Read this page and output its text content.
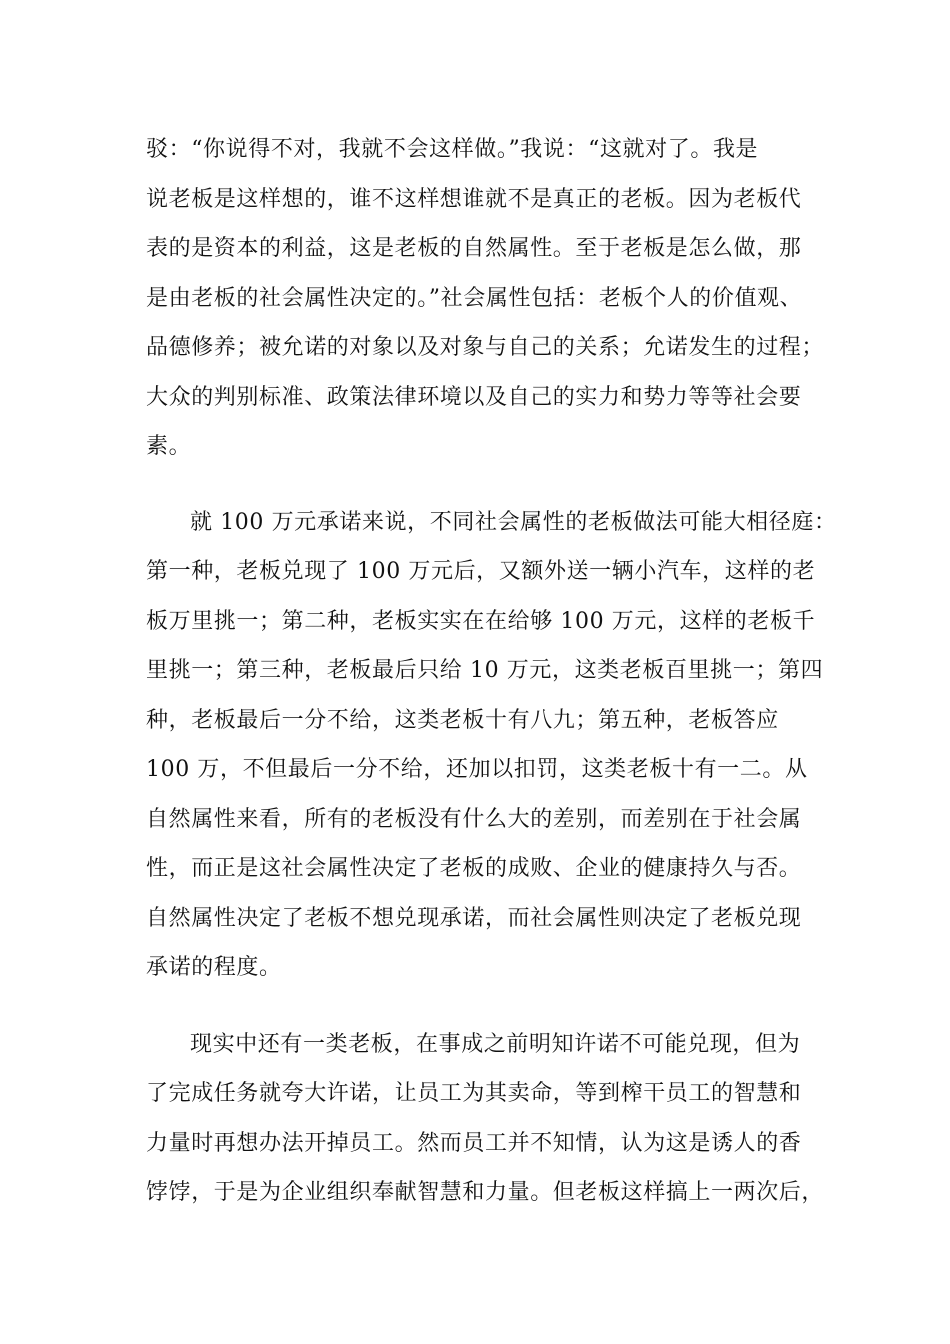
驳：“你说得不对，我就不会这样做。”我说：“这就对了。我是

说老板是这样想的，谁不这样想谁就不是真正的老板。因为老板代

表的是资本的利益，这是老板的自然属性。至于老板是怎么做，那

是由老板的社会属性决定的。”社会属性包括：老板个人的价值观、

品德修养；被允诺的对象以及对象与自己的关系；允诺发生的过程；

大众的判别标准、政策法律环境以及自己的实力和势力等等社会要

素。

就 100 万元承诺来说，不同社会属性的老板做法可能大相径庭：

第一种，老板兑现了 100 万元后，又额外送一辆小汽车，这样的老

板万里挑一；第二种，老板实实在在给够 100 万元，这样的老板千

里挑一；第三种，老板最后只给 10 万元，这类老板百里挑一；第四

种，老板最后一分不给，这类老板十有八九；第五种，老板答应

100 万，不但最后一分不给，还加以扣罚，这类老板十有一二。从

自然属性来看，所有的老板没有什么大的差别，而差别在于社会属

性，而正是这社会属性决定了老板的成败、企业的健康持久与否。

自然属性决定了老板不想兑现承诺，而社会属性则决定了老板兑现

承诺的程度。

现实中还有一类老板，在事成之前明知许诺不可能兑现，但为

了完成任务就夸大许诺，让员工为其卖命，等到榨干员工的智慧和

力量时再想办法开掉员工。然而员工并不知情，认为这是诱人的香

饽饽，于是为企业组织奉献智慧和力量。但老板这样搞上一两次后，
